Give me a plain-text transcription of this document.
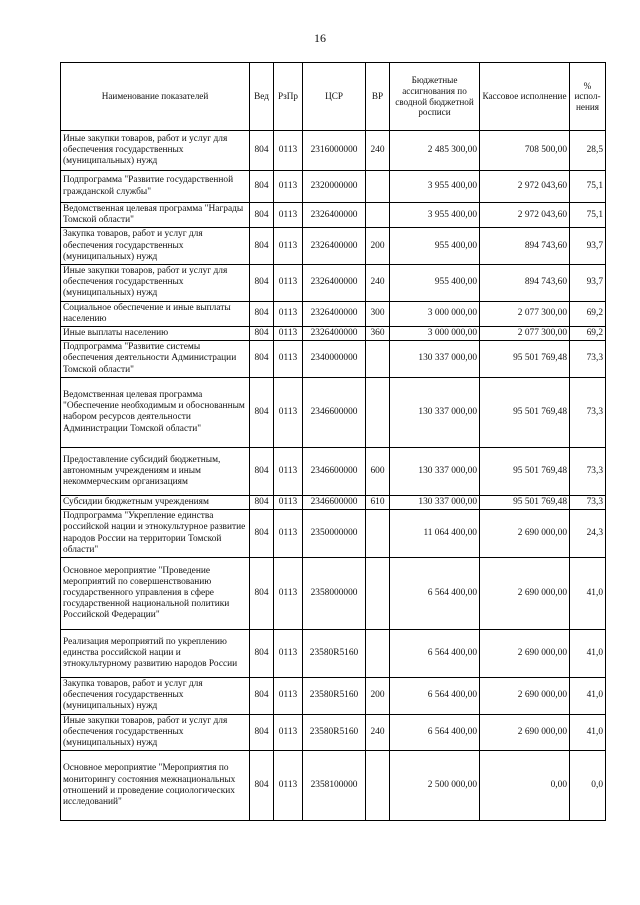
16
Наименование показателей	Вед	РзПр	ЦСР	ВР	Бюджетные ассигнования по сводной бюджетной росписи	Кассовое исполнение	% испол-нения
Иные закупки товаров, работ и услуг для обеспечения государственных (муниципальных) нужд	804	0113	2316000000	240	2 485 300,00	708 500,00	28,5
Подпрограмма "Развитие государственной гражданской службы"	804	0113	2320000000		3 955 400,00	2 972 043,60	75,1
Ведомственная целевая программа "Награды Томской области"	804	0113	2326400000		3 955 400,00	2 972 043,60	75,1
Закупка товаров, работ и услуг для обеспечения государственных (муниципальных) нужд	804	0113	2326400000	200	955 400,00	894 743,60	93,7
Иные закупки товаров, работ и услуг для обеспечения государственных (муниципальных) нужд	804	0113	2326400000	240	955 400,00	894 743,60	93,7
Социальное обеспечение и иные выплаты населению	804	0113	2326400000	300	3 000 000,00	2 077 300,00	69,2
Иные выплаты населению	804	0113	2326400000	360	3 000 000,00	2 077 300,00	69,2
Подпрограмма "Развитие системы обеспечения деятельности Администрации Томской области"	804	0113	2340000000		130 337 000,00	95 501 769,48	73,3
Ведомственная целевая программа "Обеспечение необходимым и обоснованным набором ресурсов деятельности Администрации Томской области"	804	0113	2346600000		130 337 000,00	95 501 769,48	73,3
Предоставление субсидий бюджетным, автономным учреждениям и иным некоммерческим организациям	804	0113	2346600000	600	130 337 000,00	95 501 769,48	73,3
Субсидии бюджетным учреждениям	804	0113	2346600000	610	130 337 000,00	95 501 769,48	73,3
Подпрограмма "Укрепление единства российской нации и этнокультурное развитие народов России на территории Томской области"	804	0113	2350000000		11 064 400,00	2 690 000,00	24,3
Основное мероприятие "Проведение мероприятий по совершенствованию государственного управления в сфере государственной национальной политики Российской Федерации"	804	0113	2358000000		6 564 400,00	2 690 000,00	41,0
Реализация мероприятий по укреплению единства российской нации и этнокультурному развитию народов России	804	0113	23580R5160		6 564 400,00	2 690 000,00	41,0
Закупка товаров, работ и услуг для обеспечения государственных (муниципальных) нужд	804	0113	23580R5160	200	6 564 400,00	2 690 000,00	41,0
Иные закупки товаров, работ и услуг для обеспечения государственных (муниципальных) нужд	804	0113	23580R5160	240	6 564 400,00	2 690 000,00	41,0
Основное мероприятие "Мероприятия по мониторингу состояния межнациональных отношений и проведение социологических исследований"	804	0113	2358100000		2 500 000,00	0,00	0,0
